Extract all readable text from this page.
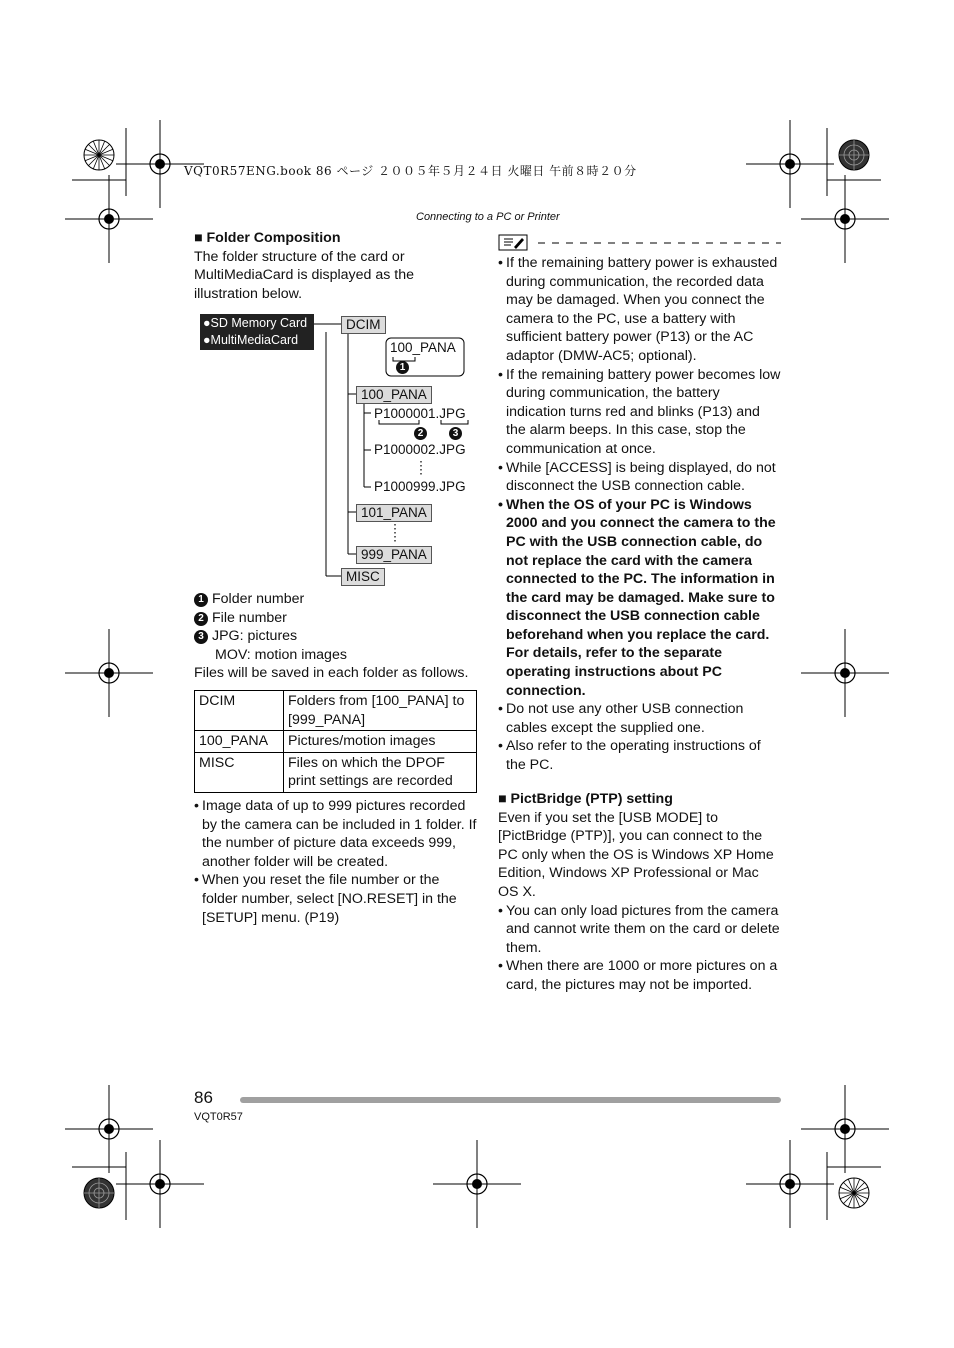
VQT0R57ENG.book 86 ページ ２００５年５月２４日 火曜日 午前８時２０分
Connecting to a PC or Printer

■ Folder Composition

The folder structure of the card or MultiMediaCard is displayed as the illustration below.

●SD Memory Card
●MultiMediaCard
DCIM
100_PANA
1
100_PANA
P1000001.JPG
2	3
P1000002.JPG
P1000999.JPG
101_PANA
999_PANA
MISC

1 Folder number

2 File number

3 JPG: pictures

MOV: motion images

Files will be saved in each folder as follows.

DCIM	Folders from [100_PANA] to [999_PANA]
100_PANA	Pictures/motion images
MISC	Files on which the DPOF print settings are recorded

• Image data of up to 999 pictures recorded by the camera can be included in 1 folder. If the number of picture data exceeds 999, another folder will be created.

• When you reset the file number or the folder number, select [NO.RESET] in the [SETUP] menu. (P19)

• If the remaining battery power is exhausted during communication, the recorded data may be damaged. When you connect the camera to the PC, use a battery with sufficient battery power (P13) or the AC adaptor (DMW-AC5; optional).

• If the remaining battery power becomes low during communication, the battery indication turns red and blinks (P13) and the alarm beeps. In this case, stop the communication at once.

• While [ACCESS] is being displayed, do not disconnect the USB connection cable.

• When the OS of your PC is Windows 2000 and you connect the camera to the PC with the USB connection cable, do not replace the card with the camera connected to the PC. The information in the card may be damaged. Make sure to disconnect the USB connection cable beforehand when you replace the card. For details, refer to the separate operating instructions about PC connection.

• Do not use any other USB connection cables except the supplied one.

• Also refer to the operating instructions of the PC.

■ PictBridge (PTP) setting

Even if you set the [USB MODE] to [PictBridge (PTP)], you can connect to the PC only when the OS is Windows XP Home Edition, Windows XP Professional or Mac OS X.

• You can only load pictures from the camera and cannot write them on the card or delete them.

• When there are 1000 or more pictures on a card, the pictures may not be imported.

86
VQT0R57
